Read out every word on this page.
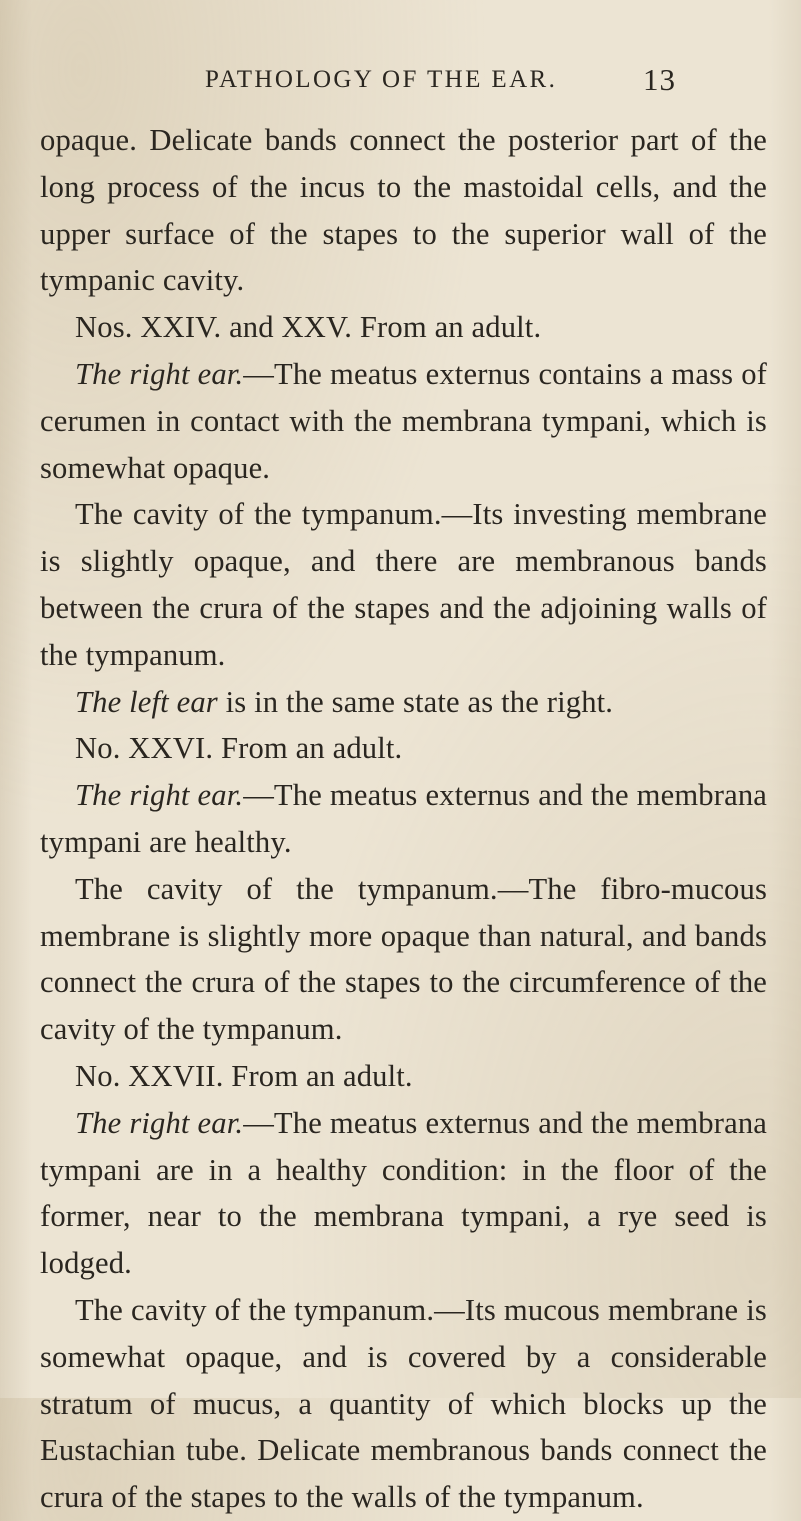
PATHOLOGY OF THE EAR.	13

opaque. Delicate bands connect the posterior part of the long process of the incus to the mastoidal cells, and the upper surface of the stapes to the superior wall of the tympanic cavity.

Nos. XXIV. and XXV. From an adult.

The right ear.—The meatus externus contains a mass of cerumen in contact with the membrana tympani, which is somewhat opaque.

The cavity of the tympanum.—Its investing membrane is slightly opaque, and there are membranous bands between the crura of the stapes and the adjoining walls of the tympanum.

The left ear is in the same state as the right.

No. XXVI. From an adult.

The right ear.—The meatus externus and the membrana tympani are healthy.

The cavity of the tympanum.—The fibro-mucous membrane is slightly more opaque than natural, and bands connect the crura of the stapes to the circumference of the cavity of the tympanum.

No. XXVII. From an adult.

The right ear.—The meatus externus and the membrana tympani are in a healthy condition: in the floor of the former, near to the membrana tympani, a rye seed is lodged.

The cavity of the tympanum.—Its mucous membrane is somewhat opaque, and is covered by a considerable stratum of mucus, a quantity of which blocks up the Eustachian tube. Delicate membranous bands connect the crura of the stapes to the walls of the tympanum.
